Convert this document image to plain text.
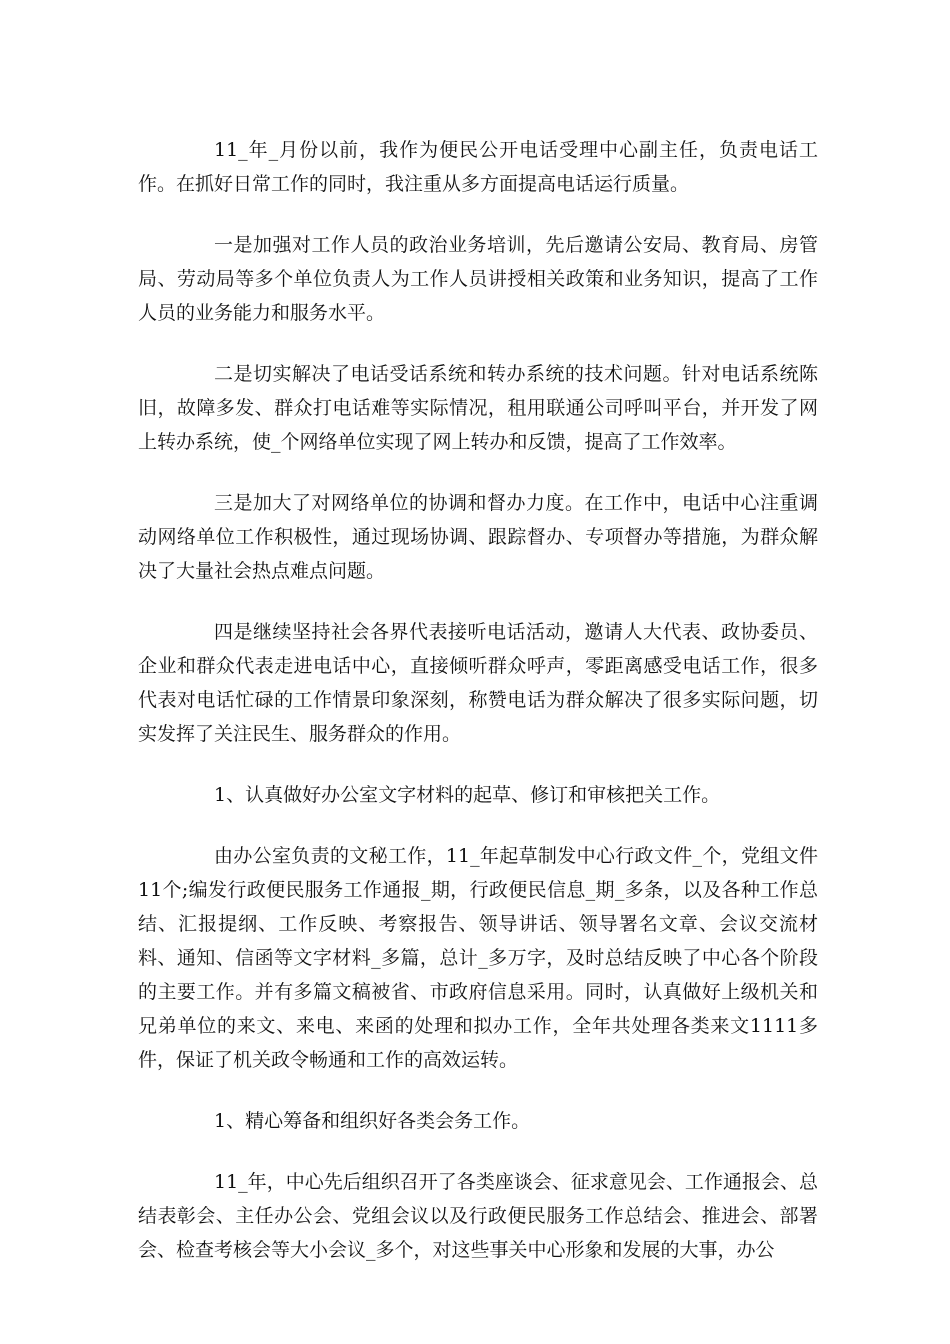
11_年_月份以前，我作为便民公开电话受理中心副主任，负责电话工作。在抓好日常工作的同时，我注重从多方面提高电话运行质量。

一是加强对工作人员的政治业务培训，先后邀请公安局、教育局、房管局、劳动局等多个单位负责人为工作人员讲授相关政策和业务知识，提高了工作人员的业务能力和服务水平。

二是切实解决了电话受话系统和转办系统的技术问题。针对电话系统陈旧，故障多发、群众打电话难等实际情况，租用联通公司呼叫平台，并开发了网上转办系统，使_个网络单位实现了网上转办和反馈，提高了工作效率。

三是加大了对网络单位的协调和督办力度。在工作中，电话中心注重调动网络单位工作积极性，通过现场协调、跟踪督办、专项督办等措施，为群众解决了大量社会热点难点问题。

四是继续坚持社会各界代表接听电话活动，邀请人大代表、政协委员、企业和群众代表走进电话中心，直接倾听群众呼声，零距离感受电话工作，很多代表对电话忙碌的工作情景印象深刻，称赞电话为群众解决了很多实际问题，切实发挥了关注民生、服务群众的作用。

1、认真做好办公室文字材料的起草、修订和审核把关工作。

由办公室负责的文秘工作，11_年起草制发中心行政文件_个，党组文件11个;编发行政便民服务工作通报_期，行政便民信息_期_多条，以及各种工作总结、汇报提纲、工作反映、考察报告、领导讲话、领导署名文章、会议交流材料、通知、信函等文字材料_多篇，总计_多万字，及时总结反映了中心各个阶段的主要工作。并有多篇文稿被省、市政府信息采用。同时，认真做好上级机关和兄弟单位的来文、来电、来函的处理和拟办工作，全年共处理各类来文1111多件，保证了机关政令畅通和工作的高效运转。

1、精心筹备和组织好各类会务工作。

11_年，中心先后组织召开了各类座谈会、征求意见会、工作通报会、总结表彰会、主任办公会、党组会议以及行政便民服务工作总结会、推进会、部署会、检查考核会等大小会议_多个，对这些事关中心形象和发展的大事，办公
